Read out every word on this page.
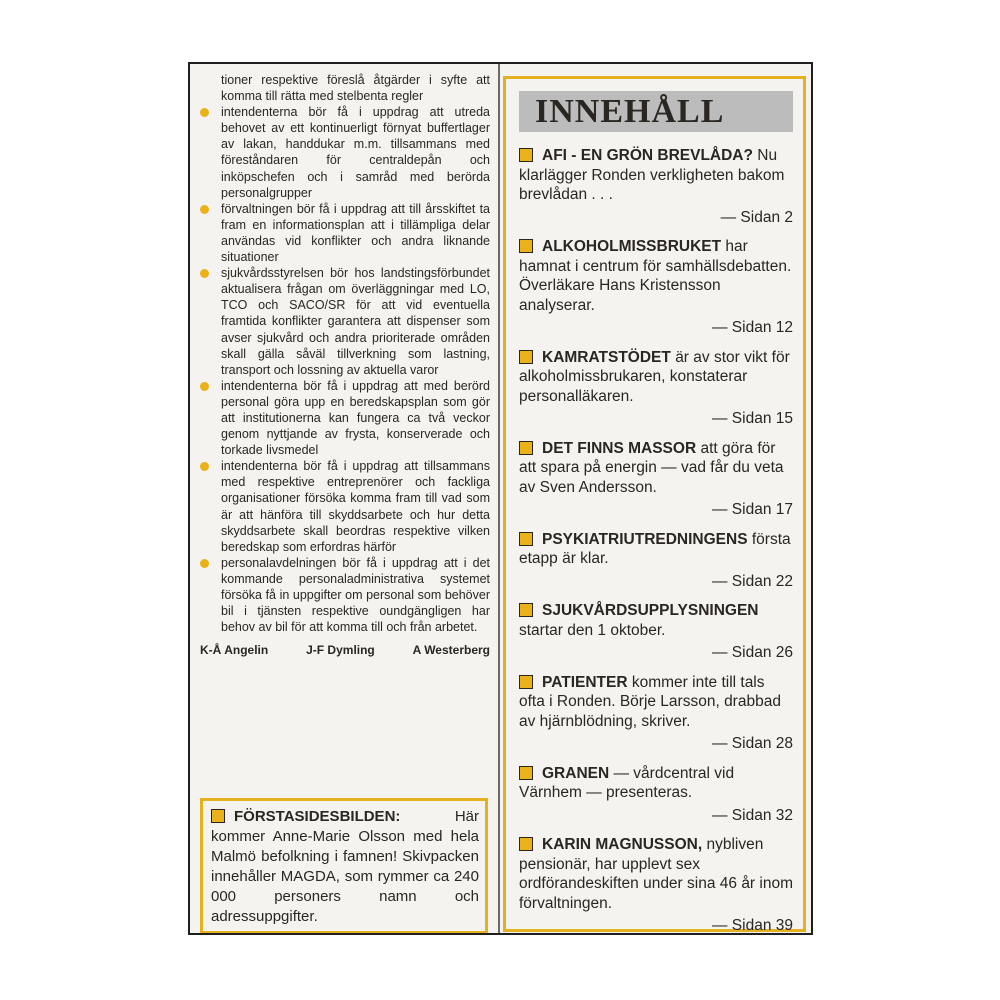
tioner respektive föreslå åtgärder i syfte att komma till rätta med stelbenta regler

intendenterna bör få i uppdrag att utreda behovet av ett kontinuerligt förnyat buffertlager av lakan, handdukar m.m. tillsammans med föreståndaren för centraldepån och inköpschefen och i samråd med berörda personalgrupper

förvaltningen bör få i uppdrag att till årsskiftet ta fram en informationsplan att i tillämpliga delar användas vid konflikter och andra liknande situationer

sjukvårdsstyrelsen bör hos landstingsförbundet aktualisera frågan om överläggningar med LO, TCO och SACO/SR för att vid eventuella framtida konflikter garantera att dispenser som avser sjukvård och andra prioriterade områden skall gälla såväl tillverkning som lastning, transport och lossning av aktuella varor

intendenterna bör få i uppdrag att med berörd personal göra upp en beredskapsplan som gör att institutionerna kan fungera ca två veckor genom nyttjande av frysta, konserverade och torkade livsmedel

intendenterna bör få i uppdrag att tillsammans med respektive entreprenörer och fackliga organisationer försöka komma fram till vad som är att hänföra till skyddsarbete och hur detta skyddsarbete skall beordras respektive vilken beredskap som erfordras härför

personalavdelningen bör få i uppdrag att i det kommande personaladministrativa systemet försöka få in uppgifter om personal som behöver bil i tjänsten respektive oundgängligen har behov av bil för att komma till och från arbetet.

K-Å Angelin	J-F Dymling	A Westerberg
FÖRSTASIDESBILDEN:	Här kommer Anne-Marie Olsson med hela Malmö befolkning i famnen! Skivpacken innehåller MAGDA, som rymmer ca 240 000 personers namn och adressuppgifter.
INNEHÅLL
AFI - EN GRÖN BREVLÅDA? Nu klarlägger Ronden verkligheten bakom brevlådan . . .
— Sidan 2
ALKOHOLMISSBRUKET har hamnat i centrum för samhällsdebatten. Överläkare Hans Kristensson analyserar.
— Sidan 12
KAMRATSTÖDET är av stor vikt för alkoholmissbrukaren, konstaterar personalläkaren.
— Sidan 15
DET FINNS MASSOR att göra för att spara på energin — vad får du veta av Sven Andersson.
— Sidan 17
PSYKIATRIUTREDNINGENS första etapp är klar.
— Sidan 22
SJUKVÅRDSUPPLYSNINGEN startar den 1 oktober.
— Sidan 26
PATIENTER kommer inte till tals ofta i Ronden. Börje Larsson, drabbad av hjärnblödning, skriver.
— Sidan 28
GRANEN — vårdcentral vid Värnhem — presenteras.
— Sidan 32
KARIN MAGNUSSON, nybliven pensionär, har upplevt sex ordförandeskiften under sina 46 år inom förvaltningen.
— Sidan 39
